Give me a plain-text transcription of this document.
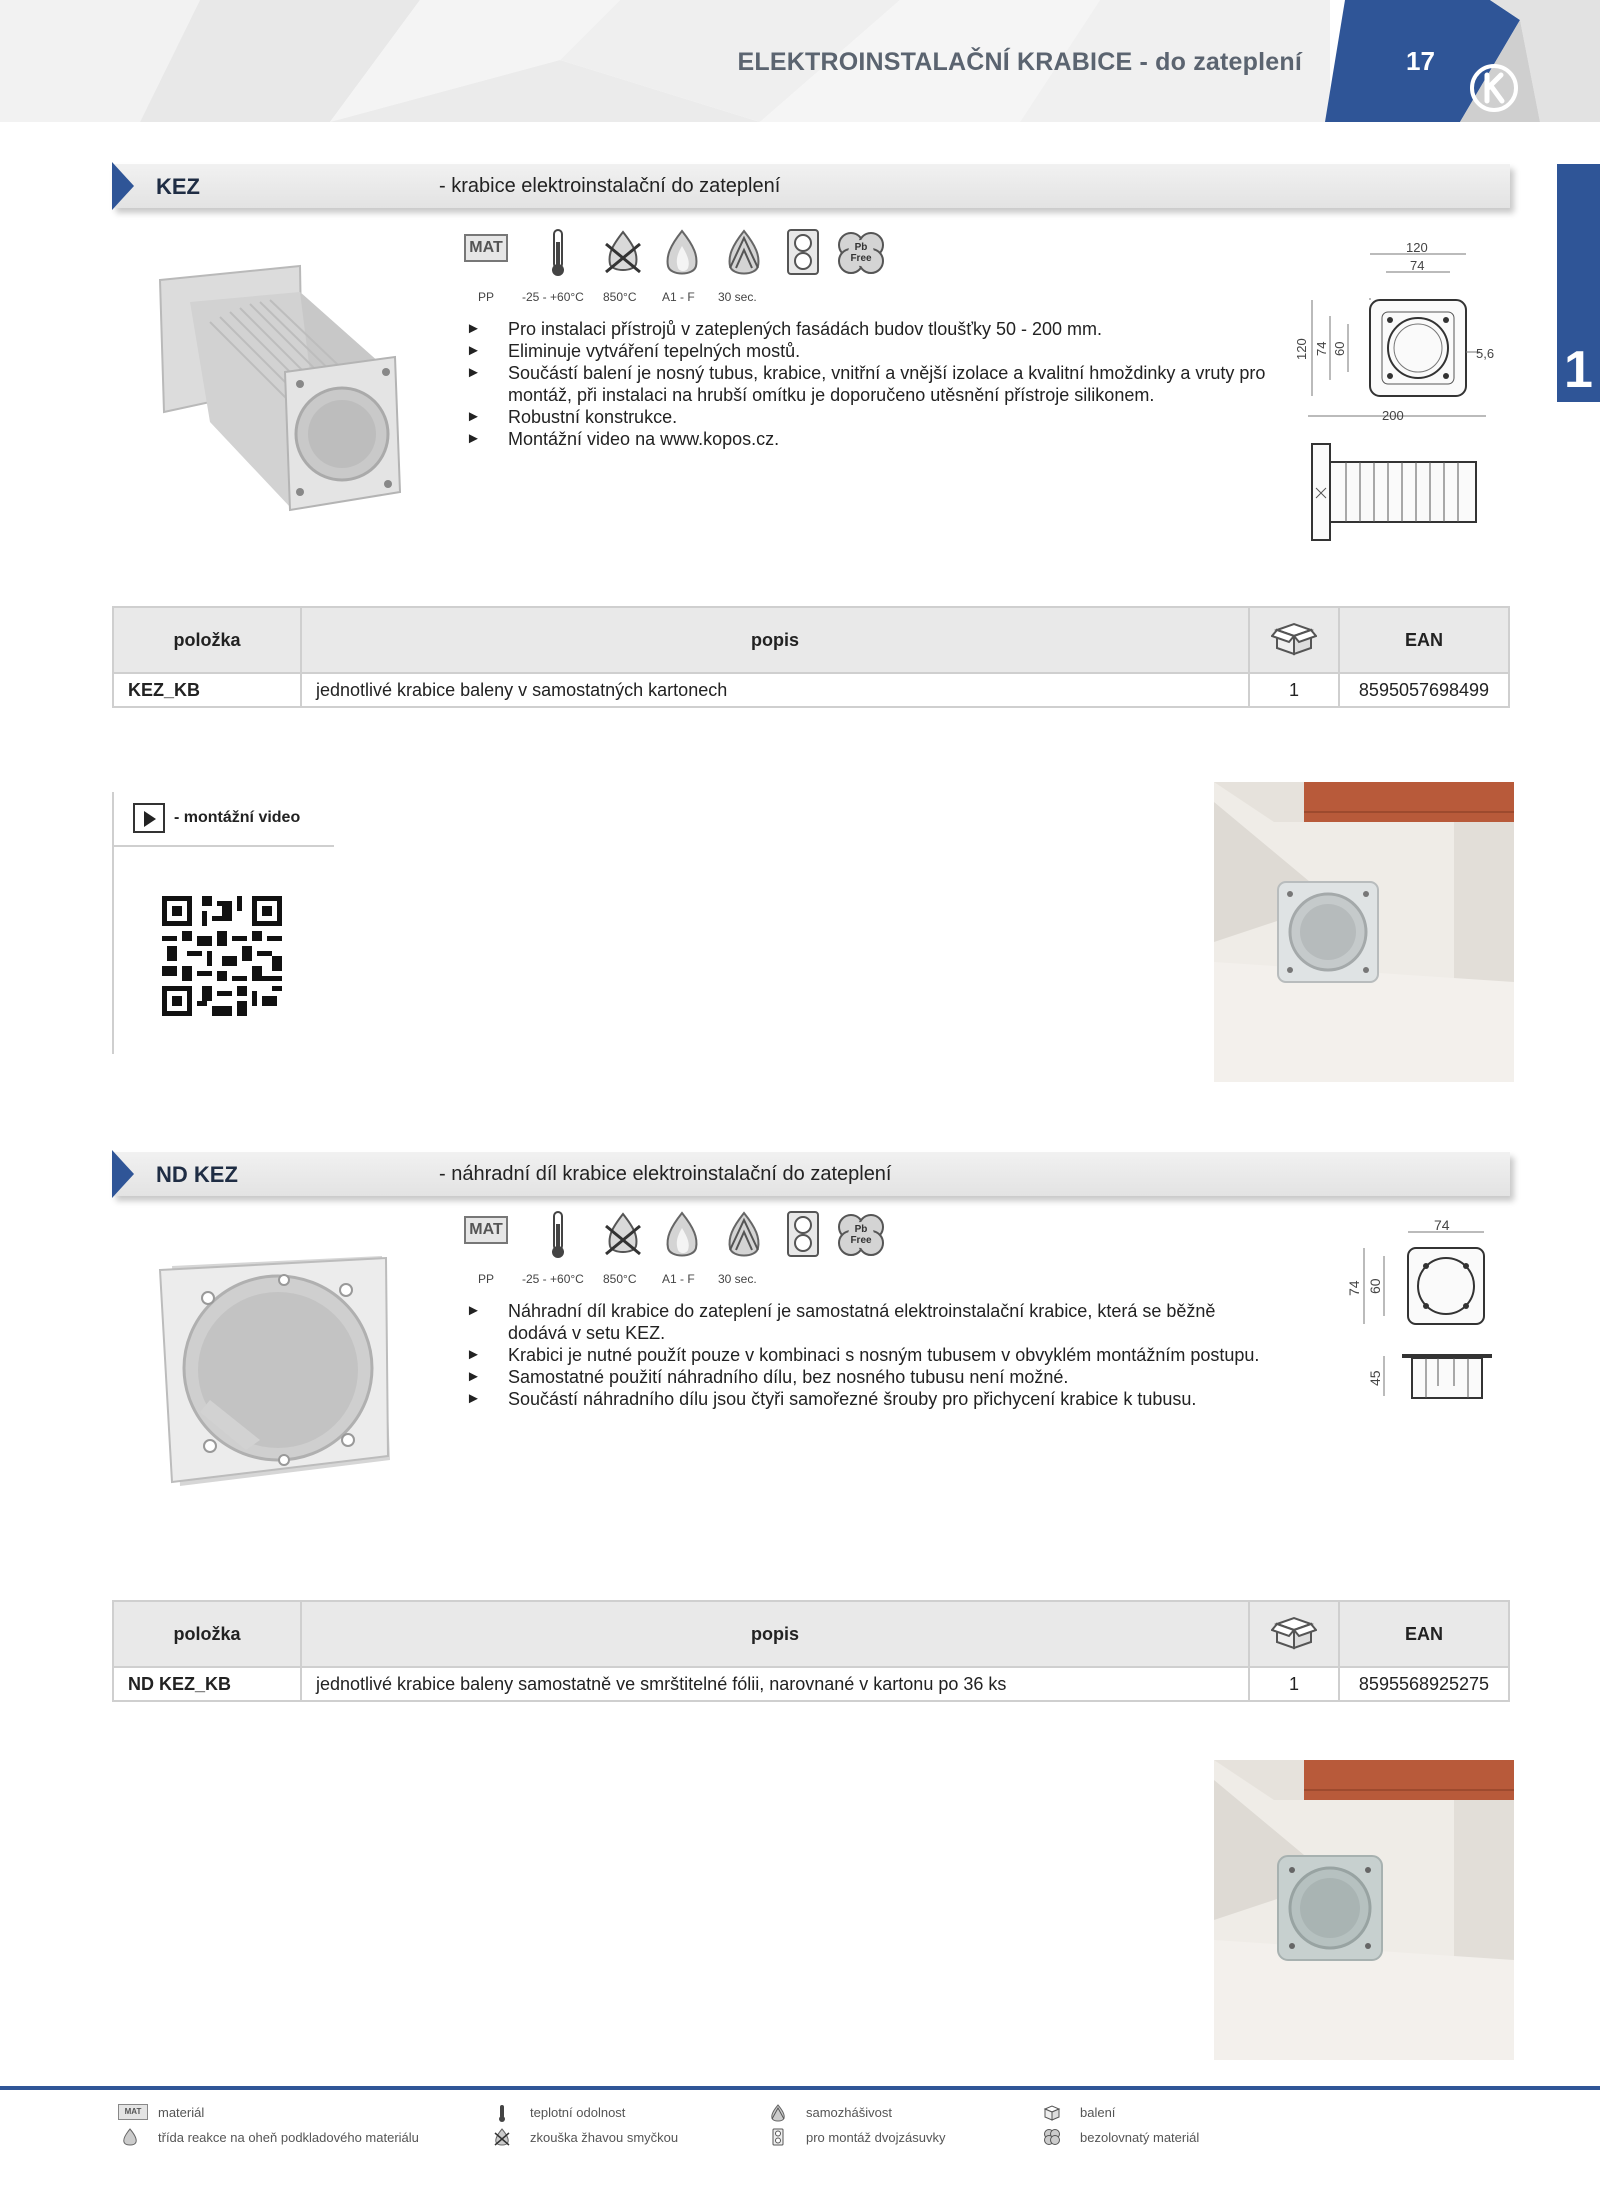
ELEKTROINSTALAČNÍ KRABICE - do zateplení	17
1
KEZ	- krabice elektroinstalační do zateplení
MAT	Pb
Free
PP -25 - +60°C 850°C A1 - F 30 sec.
► Pro instalaci přístrojů v zateplených fasádách budov tloušťky 50 - 200 mm.
► Eliminuje vytváření tepelných mostů.
► Součástí balení je nosný tubus, krabice, vnitřní a vnější izolace a kvalitní hmoždinky a vruty pro montáž, při instalaci na hrubší omítku je doporučeno utěsnění přístroje silikonem.
► Robustní konstrukce.
► Montážní video na www.kopos.cz.
120
74
120 74 60	5,6
200
položka	popis		EAN
KEZ_KB	jednotlivé krabice baleny v samostatných kartonech	1	8595057698499
- montážní video
ND KEZ	- náhradní díl krabice elektroinstalační do zateplení
MAT	Pb
Free
PP -25 - +60°C 850°C A1 - F 30 sec.
► Náhradní díl krabice do zateplení je samostatná elektroinstalační krabice, která se běžně dodává v setu KEZ.
► Krabici je nutné použít pouze v kombinaci s nosným tubusem v obvyklém montážním postupu.
► Samostatné použití náhradního dílu, bez nosného tubusu není možné.
► Součástí náhradního dílu jsou čtyři samořezné šrouby pro přichycení krabice k tubusu.
74
74 60
45
položka	popis		EAN
ND KEZ_KB	jednotlivé krabice baleny samostatně ve smrštitelné fólii, narovnané v kartonu po 36 ks	1	8595568925275
MAT	materiál
třída reakce na oheň podkladového materiálu
teplotní odolnost
zkouška žhavou smyčkou
samozhášivost
pro montáž dvojzásuvky
balení
bezolovnatý materiál
